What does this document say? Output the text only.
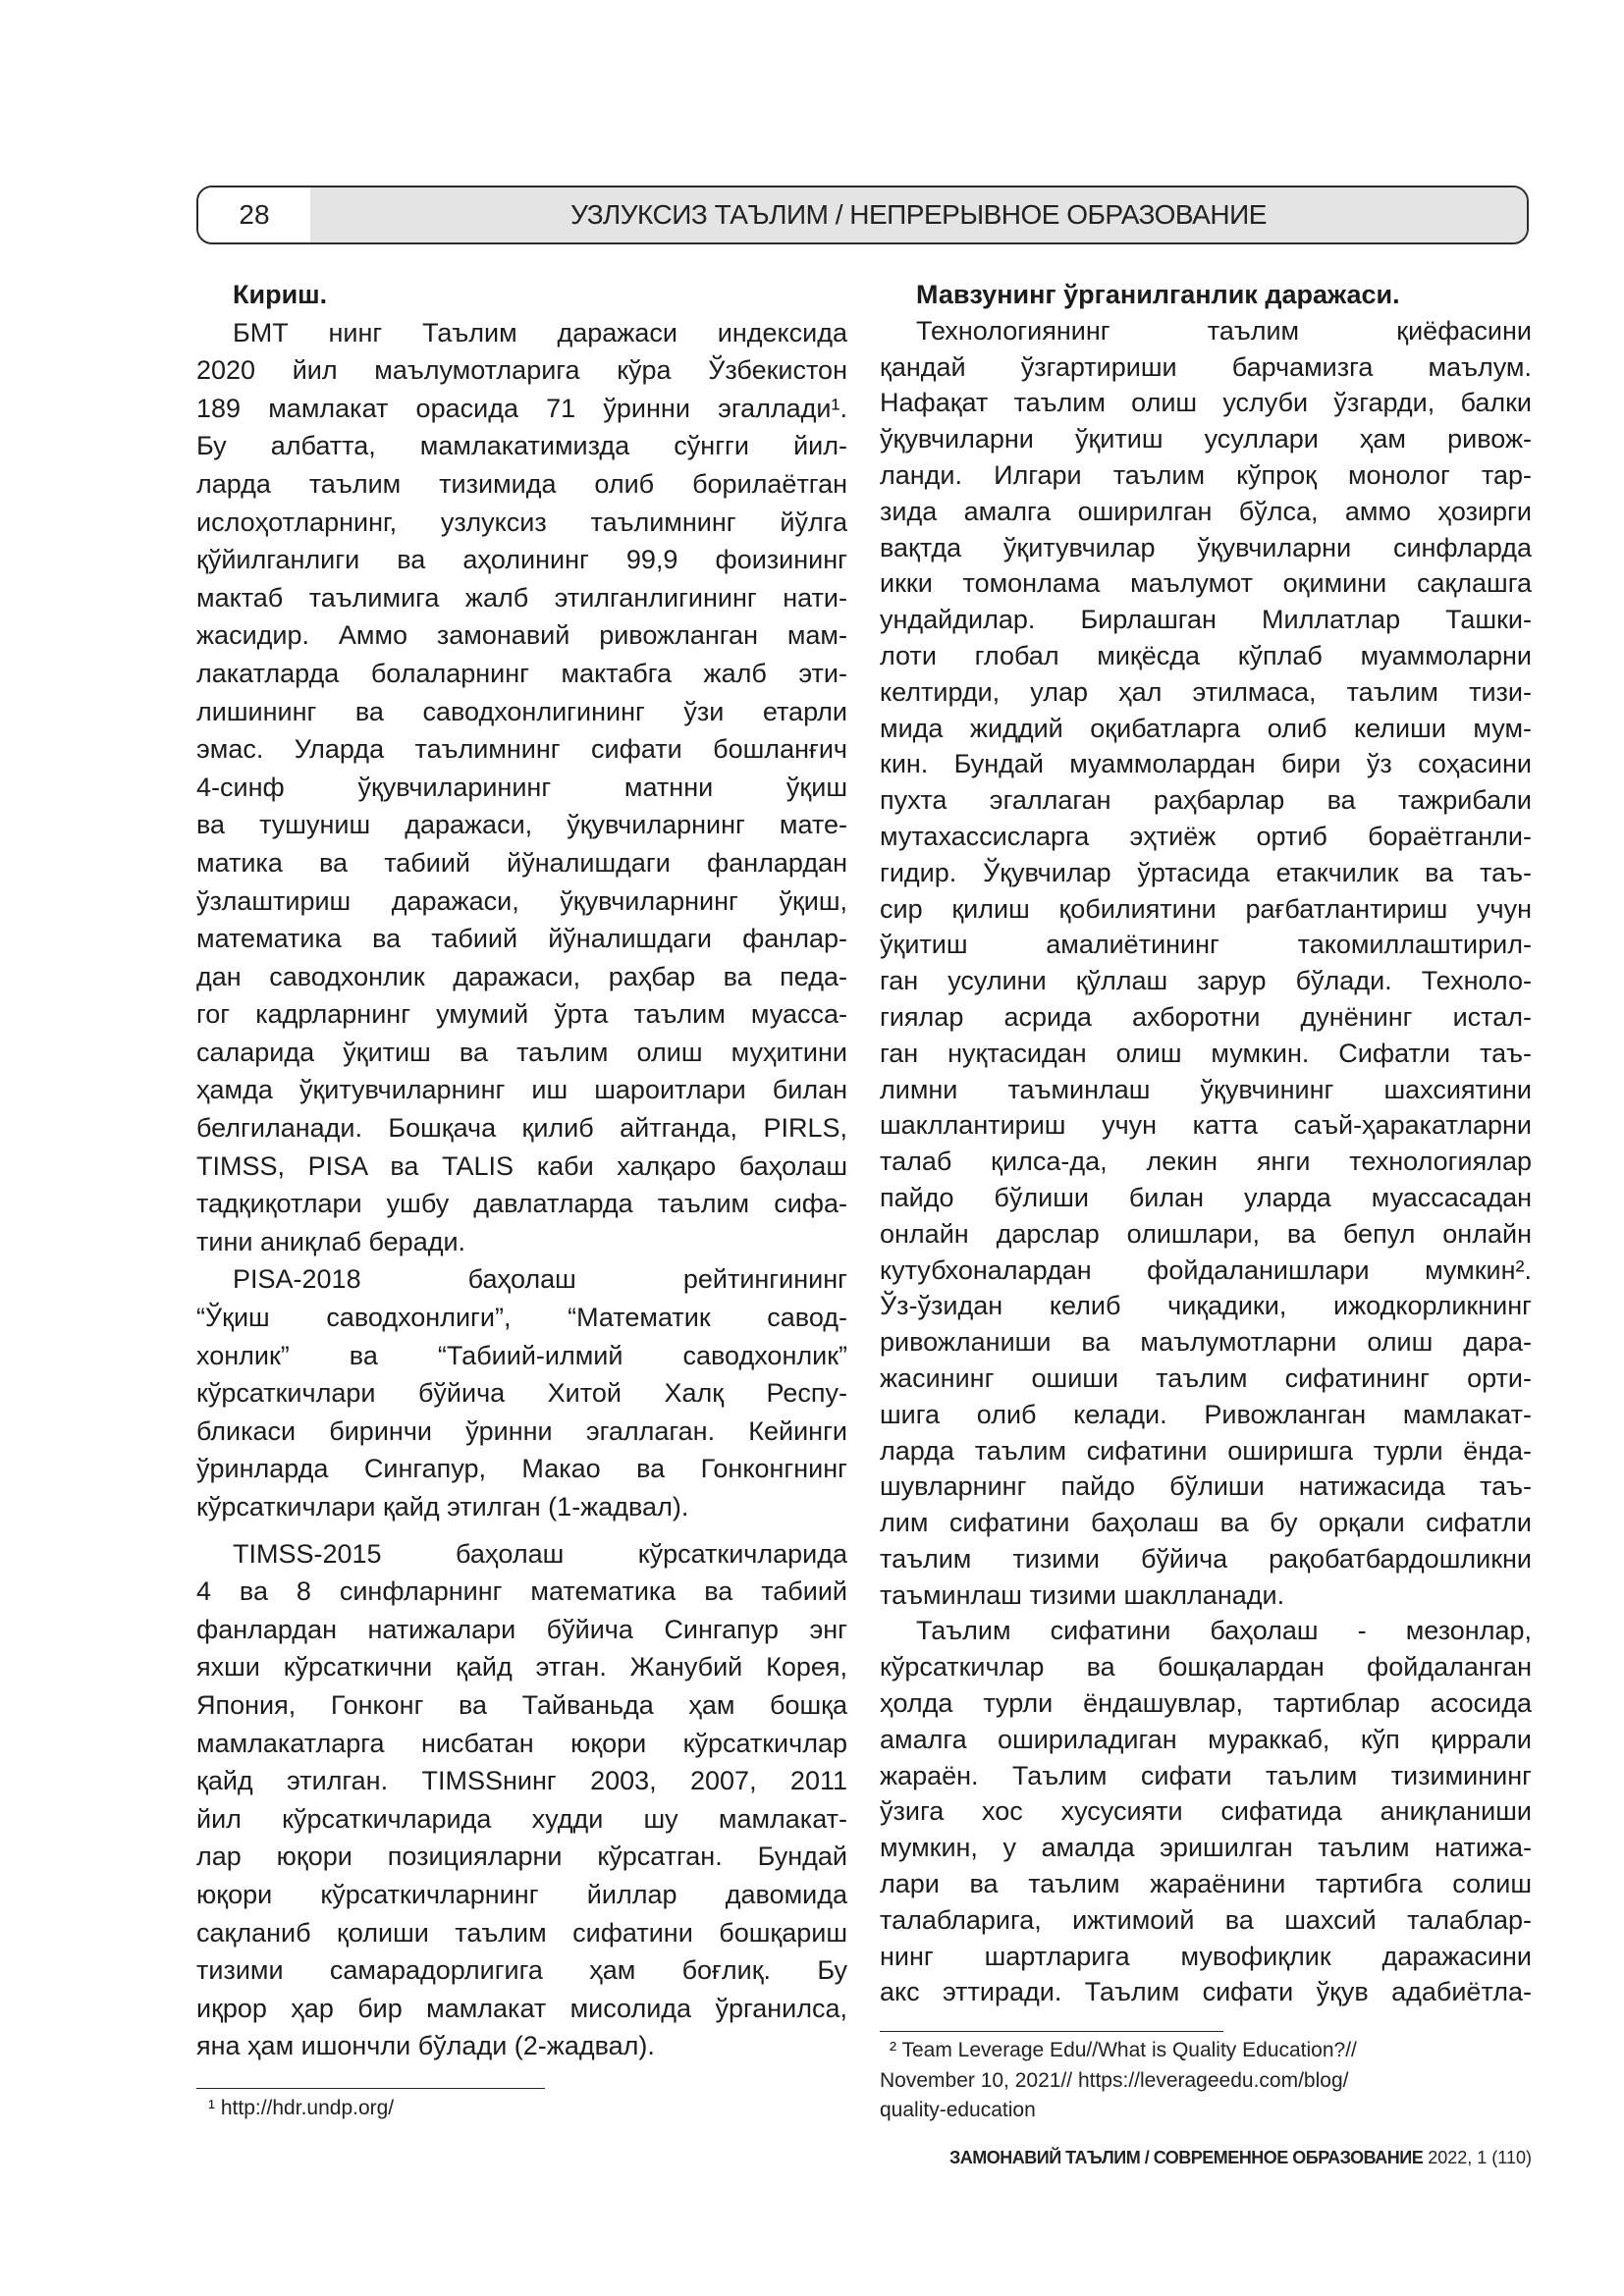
28	УЗЛУКСИЗ ТАЪЛИМ / НЕПРЕРЫВНОЕ ОБРАЗОВАНИЕ
Кириш.
БМТ нинг Таълим даражаси индексида
2020 йил маълумотларига кўра Ўзбекистон
189 мамлакат орасида 71 ўринни эгаллади¹.
Бу албатта, мамлакатимизда сўнгги йил-
ларда таълим тизимида олиб борилаётган
ислоҳотларнинг, узлуксиз таълимнинг йўлга
қўйилганлиги ва аҳолининг 99,9 фоизининг
мактаб таълимига жалб этилганлигининг нати-
жасидир. Аммо замонавий ривожланган мам-
лакатларда болаларнинг мактабга жалб эти-
лишининг ва саводхонлигининг ўзи етарли
эмас. Уларда таълимнинг сифати бошланғич
4-синф ўқувчиларининг матнни ўқиш
ва тушуниш даражаси, ўқувчиларнинг мате-
матика ва табиий йўналишдаги фанлардан
ўзлаштириш даражаси, ўқувчиларнинг ўқиш,
математика ва табиий йўналишдаги фанлар-
дан саводхонлик даражаси, раҳбар ва педа-
гог кадрларнинг умумий ўрта таълим муасса-
саларида ўқитиш ва таълим олиш муҳитини
ҳамда ўқитувчиларнинг иш шароитлари билан
белгиланади. Бошқача қилиб айтганда, PIRLS,
TIMSS, PISA ва TALIS каби халқаро баҳолаш
тадқиқотлари ушбу давлатларда таълим сифа-
тини аниқлаб беради.
PISA-2018 баҳолаш рейтингининг
“Ўқиш саводхонлиги”, “Математик савод-
хонлик” ва “Табиий-илмий саводхонлик”
кўрсаткичлари бўйича Хитой Халқ Респу-
бликаси биринчи ўринни эгаллаган. Кейинги
ўринларда Сингапур, Макао ва Гонконгнинг
кўрсаткичлари қайд этилган (1-жадвал).
TIMSS-2015 баҳолаш кўрсаткичларида
4 ва 8 синфларнинг математика ва табиий
фанлардан натижалари бўйича Сингапур энг
яхши кўрсаткични қайд этган. Жанубий Корея,
Япония, Гонконг ва Тайваньда ҳам бошқа
мамлакатларга нисбатан юқори кўрсаткичлар
қайд этилган. TIMSSнинг 2003, 2007, 2011
йил кўрсаткичларида худди шу мамлакат-
лар юқори позицияларни кўрсатган. Бундай
юқори кўрсаткичларнинг йиллар давомида
сақланиб қолиши таълим сифатини бошқариш
тизими самарадорлигига ҳам боғлиқ. Бу
иқрор ҳар бир мамлакат мисолида ўрганилса,
яна ҳам ишончли бўлади (2-жадвал).
Мавзунинг ўрганилганлик даражаси.
Технологиянинг таълим қиёфасини
қандай ўзгартириши барчамизга маълум.
Нафақат таълим олиш услуби ўзгарди, балки
ўқувчиларни ўқитиш усуллари ҳам ривож-
ланди. Илгари таълим кўпроқ монолог тар-
зида амалга оширилган бўлса, аммо ҳозирги
вақтда ўқитувчилар ўқувчиларни синфларда
икки томонлама маълумот оқимини сақлашга
ундайдилар. Бирлашган Миллатлар Ташки-
лоти глобал миқёсда кўплаб муаммоларни
келтирди, улар ҳал этилмаса, таълим тизи-
мида жиддий оқибатларга олиб келиши мум-
кин. Бундай муаммолардан бири ўз соҳасини
пухта эгаллаган раҳбарлар ва тажрибали
мутахассисларга эҳтиёж ортиб бораётганли-
гидир. Ўқувчилар ўртасида етакчилик ва таъ-
сир қилиш қобилиятини рағбатлантириш учун
ўқитиш амалиётининг такомиллаштирил-
ган усулини қўллаш зарур бўлади. Техноло-
гиялар асрида ахборотни дунёнинг истал-
ган нуқтасидан олиш мумкин. Сифатли таъ-
лимни таъминлаш ўқувчининг шахсиятини
шакллантириш учун катта саъй-ҳаракатларни
талаб қилса-да, лекин янги технологиялар
пайдо бўлиши билан уларда муассасадан
онлайн дарслар олишлари, ва бепул онлайн
кутубхоналардан фойдаланишлари мумкин².
Ўз-ўзидан келиб чиқадики, ижодкорликнинг
ривожланиши ва маълумотларни олиш дара-
жасининг ошиши таълим сифатининг орти-
шига олиб келади. Ривожланган мамлакат-
ларда таълим сифатини оширишга турли ёнда-
шувларнинг пайдо бўлиши натижасида таъ-
лим сифатини баҳолаш ва бу орқали сифатли
таълим тизими бўйича рақобатбардошликни
таъминлаш тизими шаклланади.
Таълим сифатини баҳолаш - мезонлар,
кўрсаткичлар ва бошқалардан фойдаланган
ҳолда турли ёндашувлар, тартиблар асосида
амалга ошириладиган мураккаб, кўп қиррали
жараён. Таълим сифати таълим тизимининг
ўзига хос хусусияти сифатида аниқланиши
мумкин, у амалда эришилган таълим натижа-
лари ва таълим жараёнини тартибга солиш
талабларига, ижтимоий ва шахсий талаблар-
нинг шартларига мувофиқлик даражасини
акс эттиради. Таълим сифати ўқув адабиётла-
¹ http://hdr.undp.org/
² Team Leverage Edu//What is Quality Education?//
November 10, 2021// https://leverageedu.com/blog/
quality-education
ЗАМОНАВИЙ ТАЪЛИМ / СОВРЕМЕННОЕ ОБРАЗОВАНИЕ 2022, 1 (110)
